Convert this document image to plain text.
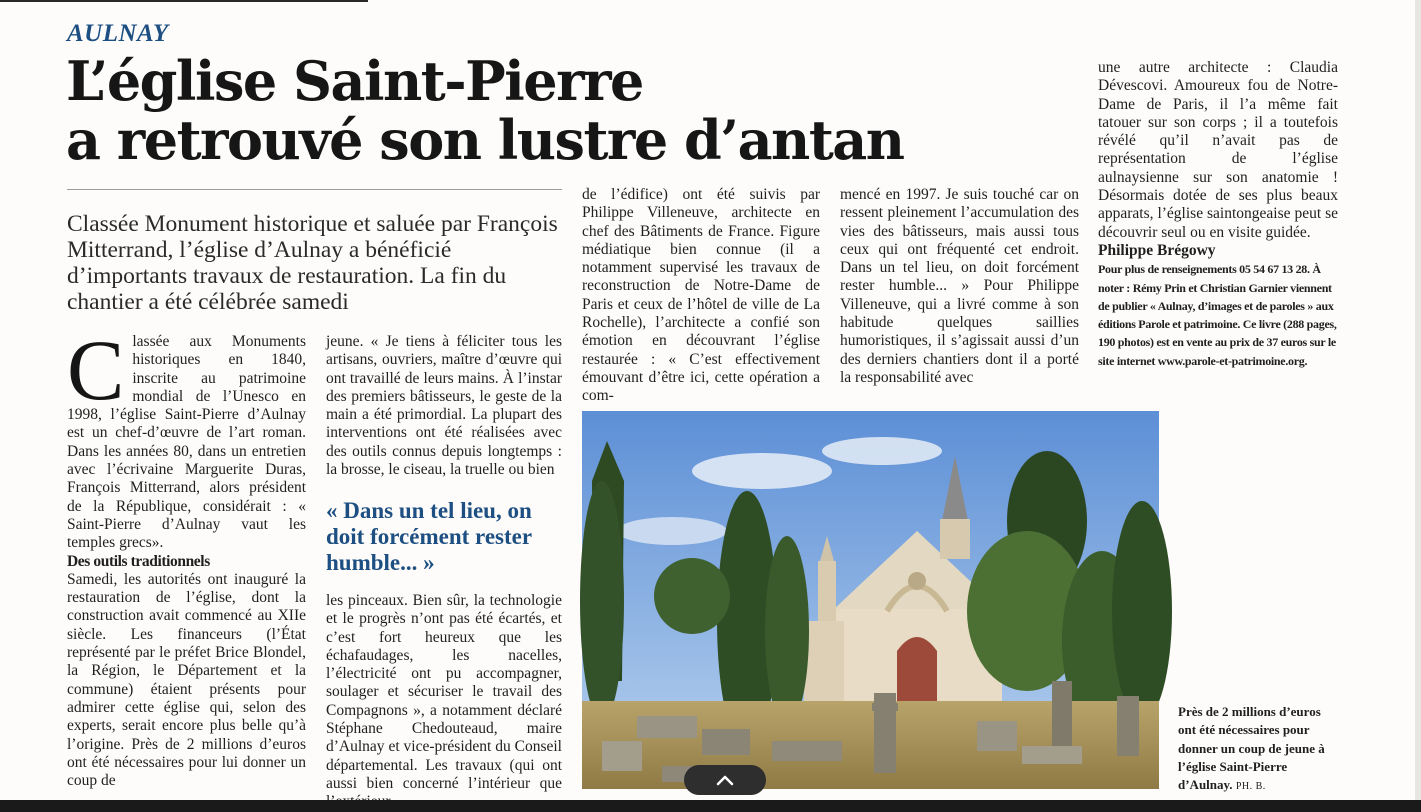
AULNAY
L’église Saint-Pierre
a retrouvé son lustre d’antan
Classée Monument historique et saluée par François Mitterrand, l’église d’Aulnay a bénéficié d’importants travaux de restauration. La fin du chantier a été célébrée samedi

Classée aux Monuments historiques en 1840, inscrite au patrimoine mondial de l’Unesco en 1998, l’église Saint-Pierre d’Aulnay est un chef-d’œuvre de l’art roman. Dans les années 80, dans un entretien avec l’écrivaine Marguerite Duras, François Mitterrand, alors président de la République, considérait : « Saint-Pierre d’Aulnay vaut les temples grecs».

Des outils traditionnels

Samedi, les autorités ont inauguré la restauration de l’église, dont la construction avait commencé au XIIe siècle. Les financeurs (l’État représenté par le préfet Brice Blondel, la Région, le Département et la commune) étaient présents pour admirer cette église qui, selon des experts, serait encore plus belle qu’à l’origine. Près de 2 millions d’euros ont été nécessaires pour lui donner un coup de

jeune. « Je tiens à féliciter tous les artisans, ouvriers, maître d’œuvre qui ont travaillé de leurs mains. À l’instar des premiers bâtisseurs, le geste de la main a été primordial. La plupart des interventions ont été réalisées avec des outils connus depuis longtemps : la brosse, le ciseau, la truelle ou bien

« Dans un tel lieu, on doit forcément rester humble... »

les pinceaux. Bien sûr, la technologie et le progrès n’ont pas été écartés, et c’est fort heureux que les échafaudages, les nacelles, l’électricité ont pu accompagner, soulager et sécuriser le travail des Compagnons », a notamment déclaré Stéphane Chedouteaud, maire d’Aulnay et vice-président du Conseil départemental. Les travaux (qui ont aussi bien concerné l’intérieur que

de l’édifice) ont été suivis par Philippe Villeneuve, architecte en chef des Bâtiments de France. Figure médiatique bien connue (il a notamment supervisé les travaux de reconstruction de Notre-Dame de Paris et ceux de l’hôtel de ville de La Rochelle), l’architecte a confié son émotion en découvrant l’église restaurée : « C’est effectivement émouvant d’être ici, cette opération a com-

mencé en 1997. Je suis touché car on ressent pleinement l’accumulation des vies des bâtisseurs, mais aussi tous ceux qui ont fréquenté cet endroit. Dans un tel lieu, on doit forcément rester humble... » Pour Philippe Villeneuve, qui a livré comme à son habitude quelques saillies humoristiques, il s’agissait aussi d’un des derniers chantiers dont il a porté la responsabilité avec

une autre architecte : Claudia Dévescovi. Amoureux fou de Notre-Dame de Paris, il l’a même fait tatouer sur son corps ; il a toutefois révélé qu’il n’avait pas de représentation de l’église aulnaysienne sur son anatomie ! Désormais dotée de ses plus beaux apparats, l’église saintongeaise peut se découvrir seul ou en visite guidée.

Philippe Brégowy

Pour plus de renseignements 05 54 67 13 28. À noter : Rémy Prin et Christian Garnier viennent de publier « Aulnay, d’images et de paroles » aux éditions Parole et patrimoine. Ce livre (288 pages, 190 photos) est en vente au prix de 37 euros sur le site internet www.parole-et-patrimoine.org.

Près de 2 millions d’euros ont été nécessaires pour donner un coup de jeune à l’église Saint-Pierre d’Aulnay. PH. B.
